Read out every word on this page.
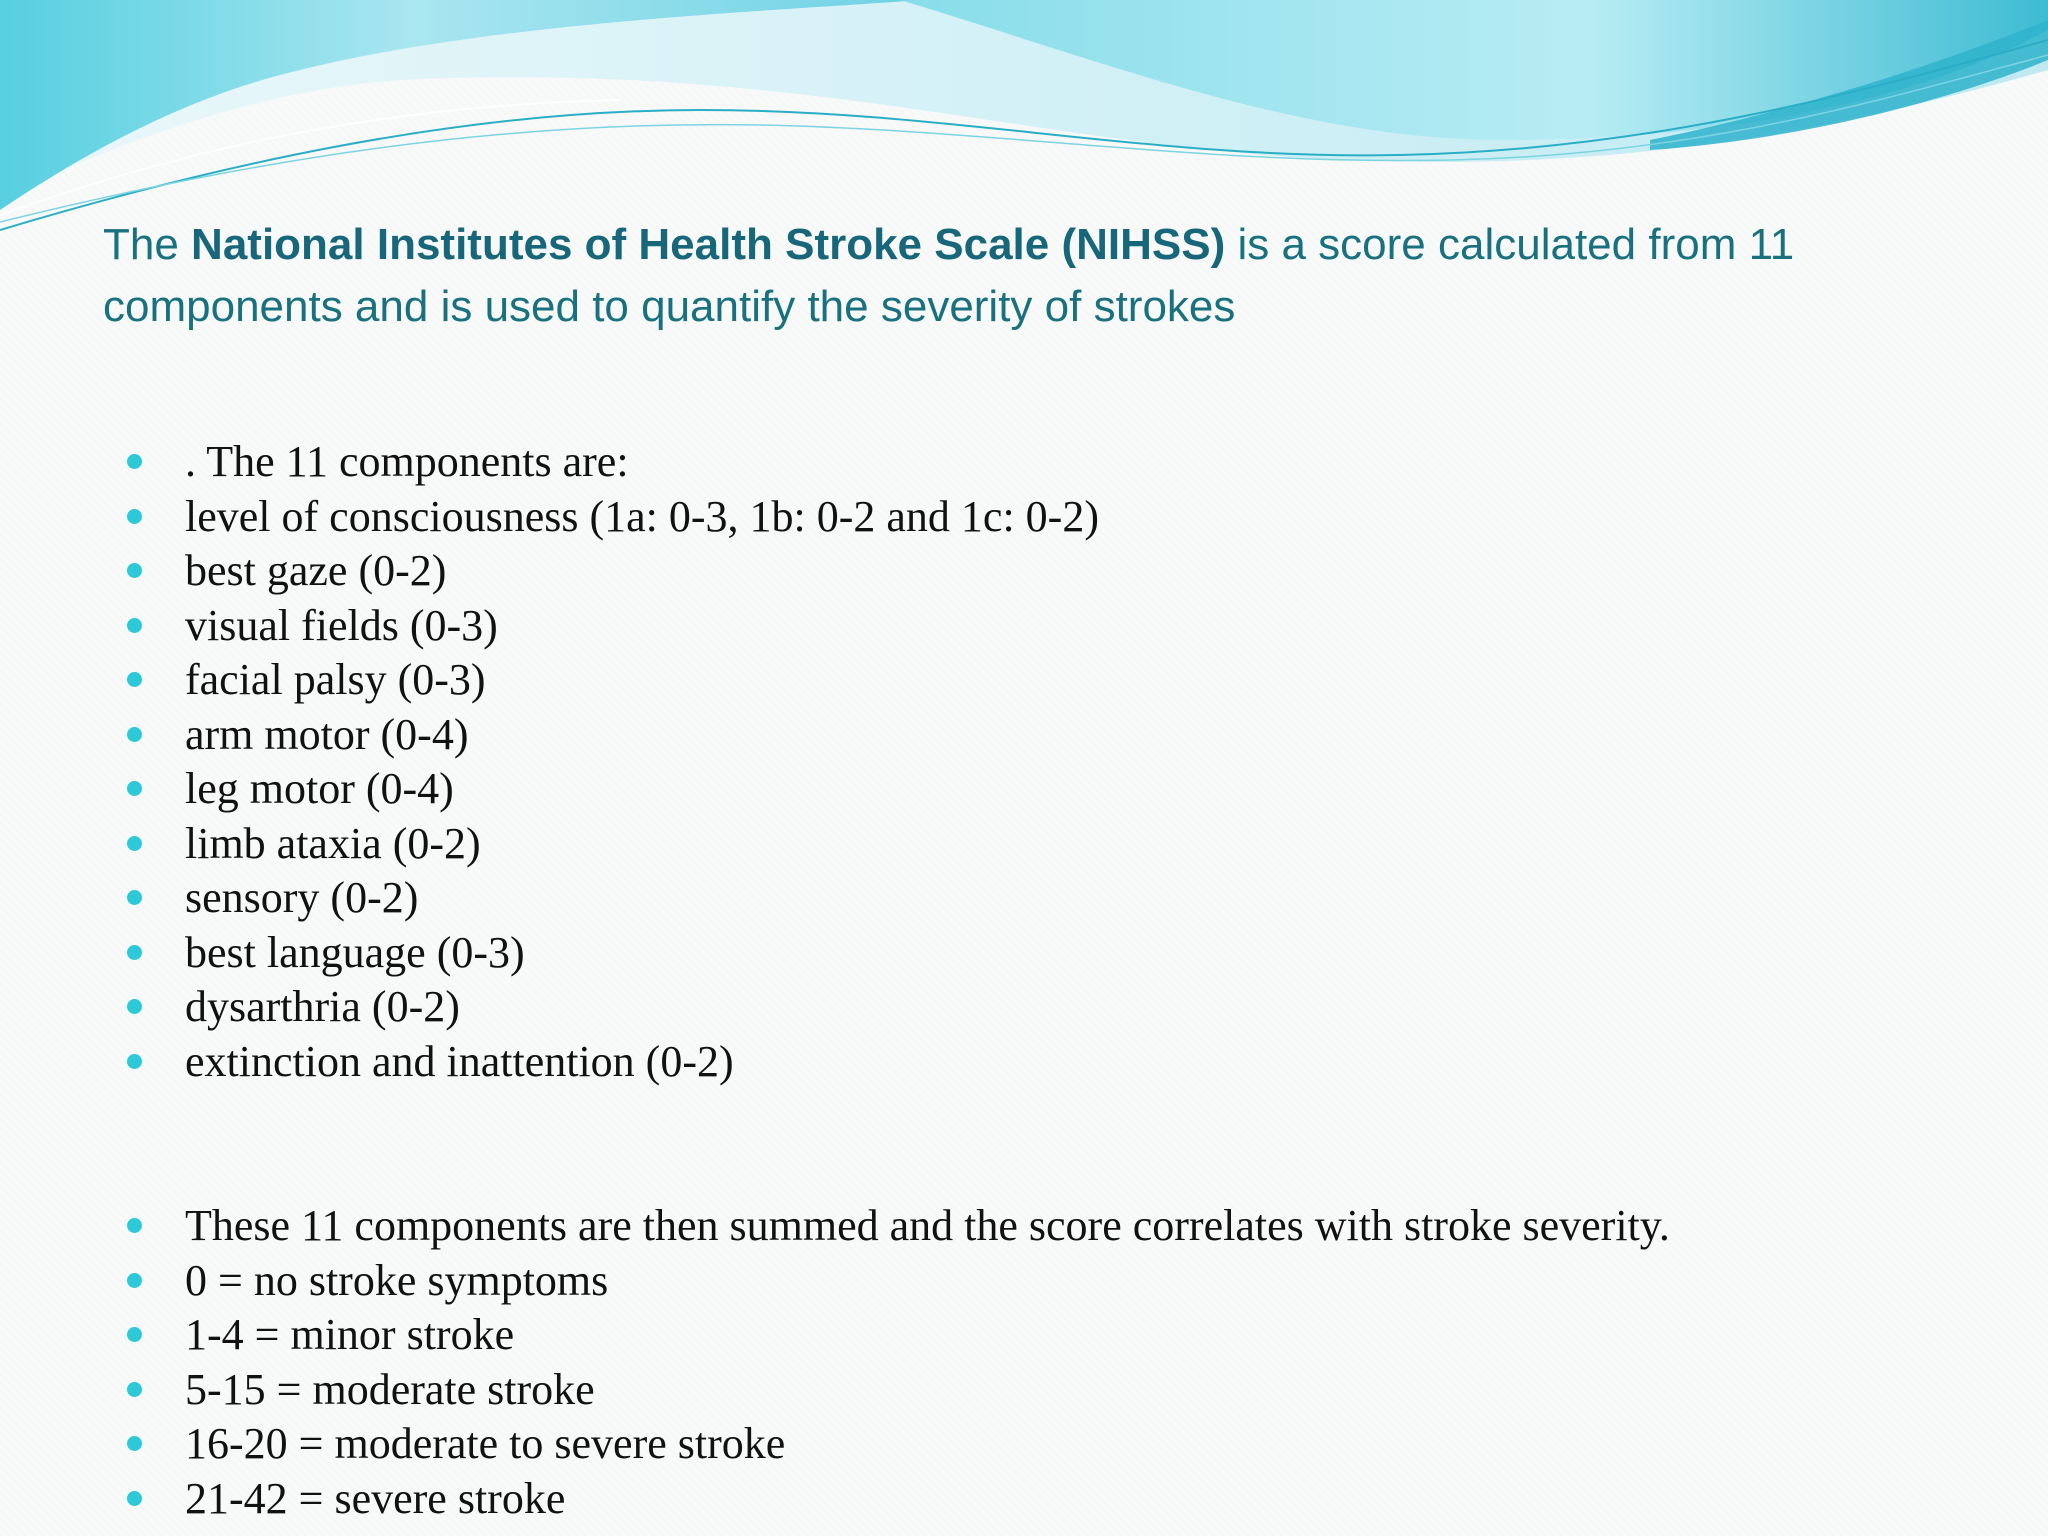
The National Institutes of Health Stroke Scale (NIHSS) is a score calculated from 11 components and is used to quantify the severity of strokes
. The 11 components are:
level of consciousness (1a: 0-3, 1b: 0-2 and 1c: 0-2)
best gaze (0-2)
visual fields (0-3)
facial palsy (0-3)
arm motor (0-4)
leg motor (0-4)
limb ataxia (0-2)
sensory (0-2)
best language (0-3)
dysarthria (0-2)
extinction and inattention (0-2)
These 11 components are then summed and the score correlates with stroke severity.
0 = no stroke symptoms
1-4 = minor stroke
5-15 = moderate stroke
16-20 = moderate to severe stroke
21-42 = severe stroke
